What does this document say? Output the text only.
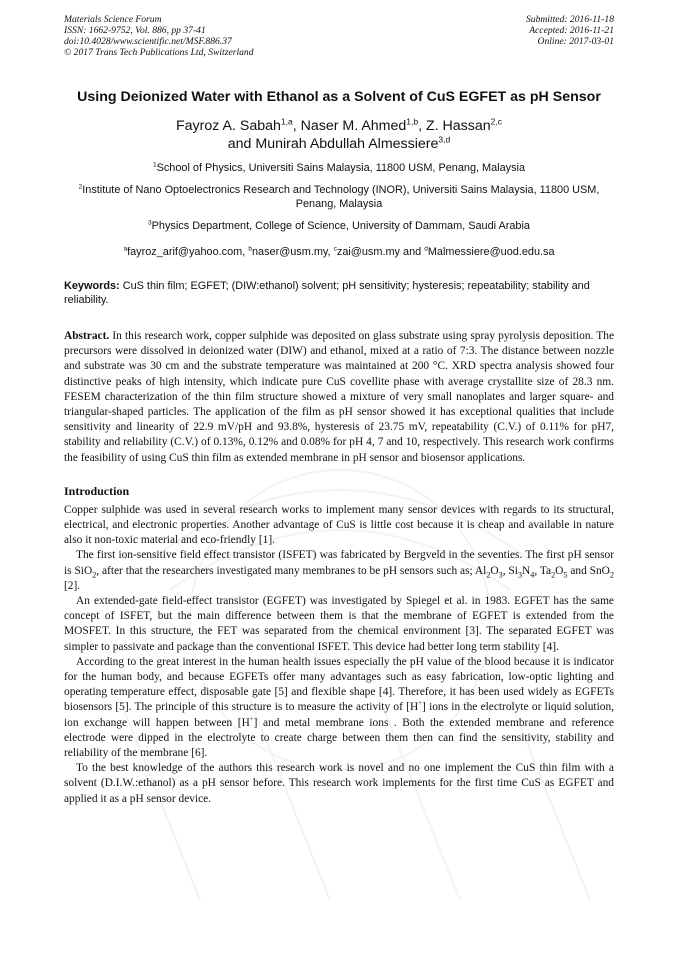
Materials Science Forum
ISSN: 1662-9752, Vol. 886, pp 37-41
doi:10.4028/www.scientific.net/MSF.886.37
© 2017 Trans Tech Publications Ltd, Switzerland
Submitted: 2016-11-18
Accepted: 2016-11-21
Online: 2017-03-01
Using Deionized Water with Ethanol as a Solvent of CuS EGFET as pH Sensor
Fayroz A. Sabah$^{1,a}$, Naser M. Ahmed$^{1,b}$, Z. Hassan$^{2,c}$
and Munirah Abdullah Almessiere$^{3,d}$
$^1$School of Physics, Universiti Sains Malaysia, 11800 USM, Penang, Malaysia
$^2$Institute of Nano Optoelectronics Research and Technology (INOR), Universiti Sains Malaysia, 11800 USM, Penang, Malaysia
$^3$Physics Department, College of Science, University of Dammam, Saudi Arabia
$^a$fayroz_arif@yahoo.com, $^b$naser@usm.my, $^c$zai@usm.my and $^d$Malmessiere@uod.edu.sa
Keywords: CuS thin film; EGFET; (DIW:ethanol) solvent; pH sensitivity; hysteresis; repeatability; stability and reliability.
Abstract. In this research work, copper sulphide was deposited on glass substrate using spray pyrolysis deposition. The precursors were dissolved in deionized water (DIW) and ethanol, mixed at a ratio of 7:3. The distance between nozzle and substrate was 30 cm and the substrate temperature was maintained at 200 °C. XRD spectra analysis showed four distinctive peaks of high intensity, which indicate pure CuS covellite phase with average crystallite size of 28.3 nm. FESEM characterization of the thin film structure showed a mixture of very small nanoplates and larger square- and triangular-shaped particles. The application of the film as pH sensor showed it has exceptional qualities that include sensitivity and linearity of 22.9 mV/pH and 93.8%, hysteresis of 23.75 mV, repeatability (C.V.) of 0.11% for pH7, stability and reliability (C.V.) of 0.13%, 0.12% and 0.08% for pH 4, 7 and 10, respectively. This research work confirms the feasibility of using CuS thin film as extended membrane in pH sensor and biosensor applications.
Introduction

Copper sulphide was used in several research works to implement many sensor devices with regards to its structural, electrical, and electronic properties. Another advantage of CuS is little cost because it is cheap and available in nature also it non-toxic material and eco-friendly [1].

The first ion-sensitive field effect transistor (ISFET) was fabricated by Bergveld in the seventies. The first pH sensor is SiO$_2$, after that the researchers investigated many membranes to be pH sensors such as; $Al_2O_3$, $Si_3N_4$, $Ta_2O_5$ and SnO$_2$ [2].

An extended-gate field-effect transistor (EGFET) was investigated by Spiegel et al. in 1983. EGFET has the same concept of ISFET, but the main difference between them is that the membrane of EGFET is extended from the MOSFET. In this structure, the FET was separated from the chemical environment [3]. The separated EGFET was simpler to passivate and package than the conventional ISFET. This device had better long term stability [4].

According to the great interest in the human health issues especially the pH value of the blood because it is indicator for the human body, and because EGFETs offer many advantages such as easy fabrication, low-optic lighting and operating temperature effect, disposable gate [5] and flexible shape [4]. Therefore, it has been used widely as EGFETs biosensors [5]. The principle of this structure is to measure the activity of [H+] ions in the electrolyte or liquid solution, ion exchange will happen between [H+] and metal membrane ions . Both the extended membrane and reference electrode were dipped in the electrolyte to create charge between them then can find the sensitivity, stability and reliability of the membrane [6].

To the best knowledge of the authors this research work is novel and no one implement the CuS thin film with a solvent (D.I.W.:ethanol) as a pH sensor before. This research work implements for the first time CuS as EGFET and applied it as a pH sensor device.
